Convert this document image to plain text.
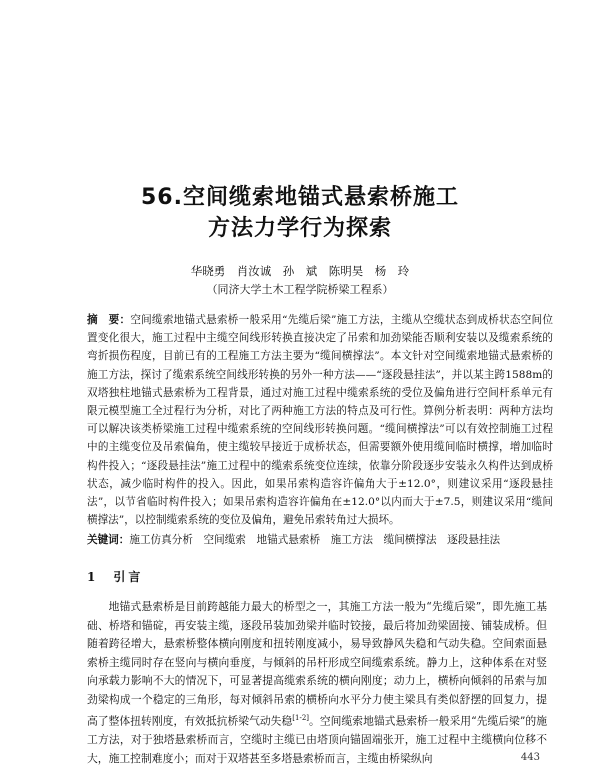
56.空间缆索地锚式悬索桥施工
方法力学行为探索
华晓勇　肖汝诚　孙　斌　陈明昊　杨　玲
（同济大学土木工程学院桥梁工程系）
摘　要：空间缆索地锚式悬索桥一般采用“先缆后梁”施工方法，主缆从空缆状态到成桥状态空间位置变化很大，施工过程中主缆空间线形转换直接决定了吊索和加劲梁能否顺利安装以及缆索系统的弯折损伤程度，目前已有的工程施工方法主要为“缆间横撑法”。本文针对空间缆索地锚式悬索桥的施工方法，探讨了缆索系统空间线形转换的另外一种方法——“逐段悬挂法”，并以某主跨1588m的双塔独柱地锚式悬索桥为工程背景，通过对施工过程中缆索系统的受位及偏角进行空间杆系单元有限元模型施工全过程行为分析，对比了两种施工方法的特点及可行性。算例分析表明：两种方法均可以解决该类桥梁施工过程中缆索系统的空间线形转换问题。“缆间横撑法”可以有效控制施工过程中的主缆变位及吊索偏角，使主缆较早接近于成桥状态，但需要额外使用缆间临时横撑，增加临时构件投入；“逐段悬挂法”施工过程中的缆索系统变位连续，依靠分阶段逐步安装永久构件达到成桥状态，减少临时构件的投入。因此，如果吊索构造容许偏角大于±12.0°，则建议采用“逐段悬挂法”，以节省临时构件投入；如果吊索构造容许偏角在±12.0°以内而大于±7.5，则建议采用“缆间横撑法”，以控制缆索系统的变位及偏角，避免吊索转角过大损坏。
关键词：施工仿真分析　空间缆索　地锚式悬索桥　施工方法　缆间横撑法　逐段悬挂法
1　引言
地锚式悬索桥是目前跨越能力最大的桥型之一，其施工方法一般为“先缆后梁”，即先施工基础、桥塔和锚碇，再安装主缆，逐段吊装加劲梁并临时铰接，最后将加劲梁固接、铺装成桥。但随着跨径增大，悬索桥整体横向刚度和扭转刚度减小，易导致静风失稳和气动失稳。空间索面悬索桥主缆同时存在竖向与横向垂度，与倾斜的吊杆形成空间缆索系统。静力上，这种体系在对竖向承载力影响不大的情况下，可显著提高缆索系统的横向刚度；动力上，横桥向倾斜的吊索与加劲梁构成一个稳定的三角形，每对倾斜吊索的横桥向水平分力使主梁具有类似舒摆的回复力，提高了整体扭转刚度，有效抵抗桥梁气动失稳[1-2]。空间缆索地锚式悬索桥一般采用“先缆后梁”的施工方法，对于独塔悬索桥而言，空缆时主缆已由塔顶向锚固端张开，施工过程中主缆横向位移不大，施工控制难度小；而对于双塔甚至多塔悬索桥而言，主缆由桥梁纵向	443
